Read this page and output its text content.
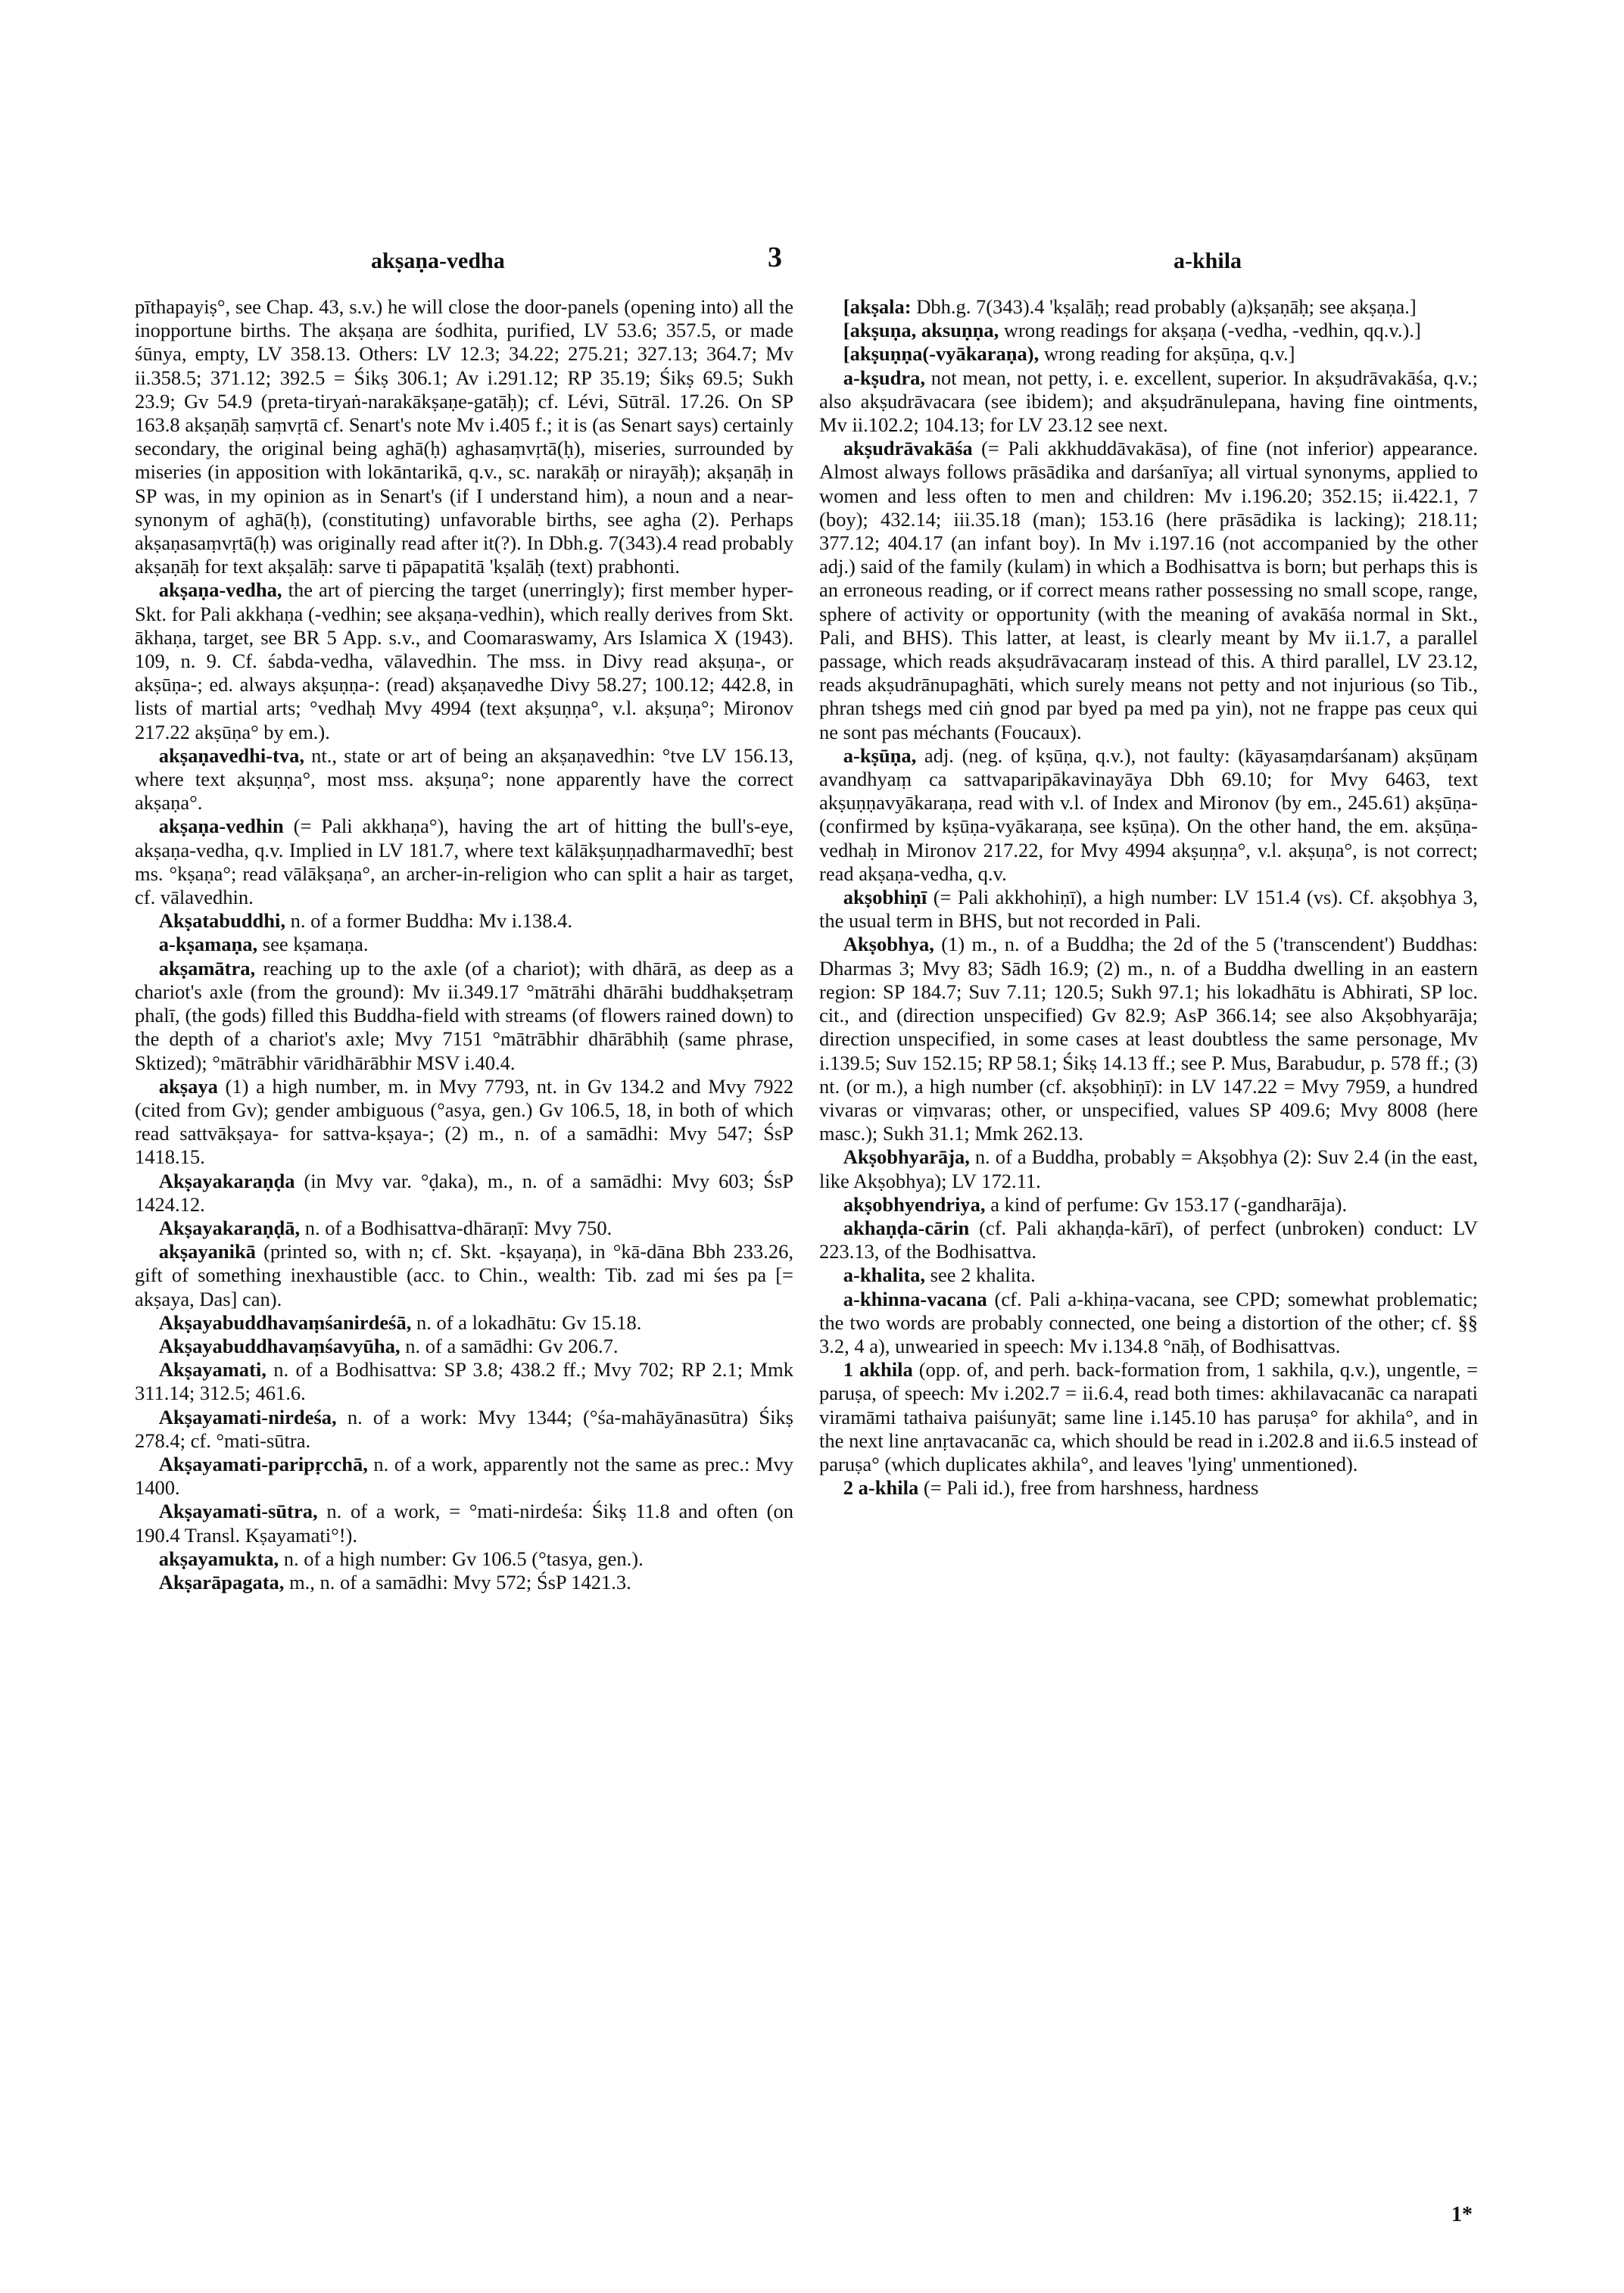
akṣaṇa-vedha	3	a-khila

pīthapayiṣ°, see Chap. 43, s.v.) he will close the door-panels (opening into) all the inopportune births. The akṣaṇa are śodhita, purified, LV 53.6; 357.5, or made śūnya, empty, LV 358.13. Others: LV 12.3; 34.22; 275.21; 327.13; 364.7; Mv ii.358.5; 371.12; 392.5 = Śikṣ 306.1; Av i.291.12; RP 35.19; Śikṣ 69.5; Sukh 23.9; Gv 54.9 (preta-tiryaṅ-narakākṣaṇe-gatāḥ); cf. Lévi, Sūtrāl. 17.26. On SP 163.8 akṣaṇāḥ saṃvṛtā cf. Senart's note Mv i.405 f.; it is (as Senart says) certainly secondary, the original being aghā(ḥ) aghasaṃvṛtā(ḥ), miseries, surrounded by miseries (in apposition with lokāntarikā, q.v., sc. narakāḥ or nirayāḥ); akṣaṇāḥ in SP was, in my opinion as in Senart's (if I understand him), a noun and a near-synonym of aghā(ḥ), (constituting) unfavorable births, see agha (2). Perhaps akṣaṇasaṃvṛtā(ḥ) was originally read after it(?). In Dbh.g. 7(343).4 read probably akṣaṇāḥ for text akṣalāḥ: sarve ti pāpapatitā 'kṣalāḥ (text) prabhonti.

akṣaṇa-vedha, the art of piercing the target (unerringly); first member hyper-Skt. for Pali akkhaṇa (-vedhin; see akṣaṇa-vedhin), which really derives from Skt. ākhaṇa, target, see BR 5 App. s.v., and Coomaraswamy, Ars Islamica X (1943). 109, n. 9. Cf. śabda-vedha, vālavedhin. The mss. in Divy read akṣuṇa-, or akṣūṇa-; ed. always akṣuṇṇa-: (read) akṣaṇavedhe Divy 58.27; 100.12; 442.8, in lists of martial arts; °vedhaḥ Mvy 4994 (text akṣuṇṇa°, v.l. akṣuṇa°; Mironov 217.22 akṣūṇa° by em.).

akṣaṇavedhi-tva, nt., state or art of being an akṣaṇavedhin: °tve LV 156.13, where text akṣuṇṇa°, most mss. akṣuṇa°; none apparently have the correct akṣaṇa°.

akṣaṇa-vedhin (= Pali akkhaṇa°), having the art of hitting the bull's-eye, akṣaṇa-vedha, q.v. Implied in LV 181.7, where text kālākṣuṇṇadharmavedhī; best ms. °kṣaṇa°; read vālākṣaṇa°, an archer-in-religion who can split a hair as target, cf. vālavedhin.

Akṣatabuddhi, n. of a former Buddha: Mv i.138.4.

a-kṣamaṇa, see kṣamaṇa.

akṣamātra, reaching up to the axle (of a chariot); with dhārā, as deep as a chariot's axle (from the ground): Mv ii.349.17 °mātrāhi dhārāhi buddhakṣetraṃ phalī, (the gods) filled this Buddha-field with streams (of flowers rained down) to the depth of a chariot's axle; Mvy 7151 °mātrābhir dhārābhiḥ (same phrase, Sktized); °mātrābhir vāridhārābhir MSV i.40.4.

akṣaya (1) a high number, m. in Mvy 7793, nt. in Gv 134.2 and Mvy 7922 (cited from Gv); gender ambiguous (°asya, gen.) Gv 106.5, 18, in both of which read sattvākṣaya- for sattva-kṣaya-; (2) m., n. of a samādhi: Mvy 547; ŚsP 1418.15.

Akṣayakaraṇḍa (in Mvy var. °ḍaka), m., n. of a samādhi: Mvy 603; ŚsP 1424.12.

Akṣayakaraṇḍā, n. of a Bodhisattva-dhāraṇī: Mvy 750.

akṣayanikā (printed so, with n; cf. Skt. -kṣayaṇa), in °kā-dāna Bbh 233.26, gift of something inexhaustible (acc. to Chin., wealth: Tib. zad mi śes pa [= akṣaya, Das] can).

Akṣayabuddhavaṃśanirdeśā, n. of a lokadhātu: Gv 15.18.

Akṣayabuddhavaṃśavyūha, n. of a samādhi: Gv 206.7.

Akṣayamati, n. of a Bodhisattva: SP 3.8; 438.2 ff.; Mvy 702; RP 2.1; Mmk 311.14; 312.5; 461.6.

Akṣayamati-nirdeśa, n. of a work: Mvy 1344; (°śa-mahāyānasūtra) Śikṣ 278.4; cf. °mati-sūtra.

Akṣayamati-paripṛcchā, n. of a work, apparently not the same as prec.: Mvy 1400.

Akṣayamati-sūtra, n. of a work, = °mati-nirdeśa: Śikṣ 11.8 and often (on 190.4 Transl. Kṣayamati°!).

akṣayamukta, n. of a high number: Gv 106.5 (°tasya, gen.).

Akṣarāpagata, m., n. of a samādhi: Mvy 572; ŚsP 1421.3.

[akṣala: Dbh.g. 7(343).4 'kṣalāḥ; read probably (a)kṣaṇāḥ; see akṣaṇa.]

[akṣuṇa, aksuṇṇa, wrong readings for akṣaṇa (-vedha, -vedhin, qq.v.).]

[akṣuṇṇa(-vyākaraṇa), wrong reading for akṣūṇa, q.v.]

a-kṣudra, not mean, not petty, i. e. excellent, superior. In akṣudrāvakāśa, q.v.; also akṣudrāvacara (see ibidem); and akṣudrānulepana, having fine ointments, Mv ii.102.2; 104.13; for LV 23.12 see next.

akṣudrāvakāśa (= Pali akkhuddāvakāsa), of fine (not inferior) appearance. Almost always follows prāsādika and darśanīya; all virtual synonyms, applied to women and less often to men and children: Mv i.196.20; 352.15; ii.422.1, 7 (boy); 432.14; iii.35.18 (man); 153.16 (here prāsādika is lacking); 218.11; 377.12; 404.17 (an infant boy). In Mv i.197.16 (not accompanied by the other adj.) said of the family (kulam) in which a Bodhisattva is born; but perhaps this is an erroneous reading, or if correct means rather possessing no small scope, range, sphere of activity or opportunity (with the meaning of avakāśa normal in Skt., Pali, and BHS). This latter, at least, is clearly meant by Mv ii.1.7, a parallel passage, which reads akṣudrāvacaraṃ instead of this. A third parallel, LV 23.12, reads akṣudrānupaghāti, which surely means not petty and not injurious (so Tib., phran tshegs med ciṅ gnod par byed pa med pa yin), not ne frappe pas ceux qui ne sont pas méchants (Foucaux).

a-kṣūṇa, adj. (neg. of kṣūṇa, q.v.), not faulty: (kāyasaṃdarśanam) akṣūṇam avandhyaṃ ca sattvaparipākavinayāya Dbh 69.10; for Mvy 6463, text akṣuṇṇavyākaraṇa, read with v.l. of Index and Mironov (by em., 245.61) akṣūṇa- (confirmed by kṣūṇa-vyākaraṇa, see kṣūṇa). On the other hand, the em. akṣūṇa-vedhaḥ in Mironov 217.22, for Mvy 4994 akṣuṇṇa°, v.l. akṣuṇa°, is not correct; read akṣaṇa-vedha, q.v.

akṣobhiṇī (= Pali akkhohiṇī), a high number: LV 151.4 (vs). Cf. akṣobhya 3, the usual term in BHS, but not recorded in Pali.

Akṣobhya, (1) m., n. of a Buddha; the 2d of the 5 ('transcendent') Buddhas: Dharmas 3; Mvy 83; Sādh 16.9; (2) m., n. of a Buddha dwelling in an eastern region: SP 184.7; Suv 7.11; 120.5; Sukh 97.1; his lokadhātu is Abhirati, SP loc. cit., and (direction unspecified) Gv 82.9; AsP 366.14; see also Akṣobhyarāja; direction unspecified, in some cases at least doubtless the same personage, Mv i.139.5; Suv 152.15; RP 58.1; Śikṣ 14.13 ff.; see P. Mus, Barabudur, p. 578 ff.; (3) nt. (or m.), a high number (cf. akṣobhiṇī): in LV 147.22 = Mvy 7959, a hundred vivaras or viṃvaras; other, or unspecified, values SP 409.6; Mvy 8008 (here masc.); Sukh 31.1; Mmk 262.13.

Akṣobhyarāja, n. of a Buddha, probably = Akṣobhya (2): Suv 2.4 (in the east, like Akṣobhya); LV 172.11.

akṣobhyendriya, a kind of perfume: Gv 153.17 (-gandharāja).

akhaṇḍa-cārin (cf. Pali akhaṇḍa-kārī), of perfect (unbroken) conduct: LV 223.13, of the Bodhisattva.

a-khalita, see 2 khalita.

a-khinna-vacana (cf. Pali a-khiṇa-vacana, see CPD; somewhat problematic; the two words are probably connected, one being a distortion of the other; cf. §§ 3.2, 4 a), unwearied in speech: Mv i.134.8 °nāḥ, of Bodhisattvas.

1 akhila (opp. of, and perh. back-formation from, 1 sakhila, q.v.), ungentle, = paruṣa, of speech: Mv i.202.7 = ii.6.4, read both times: akhilavacanāc ca narapati viramāmi tathaiva paiśunyāt; same line i.145.10 has paruṣa° for akhila°, and in the next line anṛtavacanāc ca, which should be read in i.202.8 and ii.6.5 instead of paruṣa° (which duplicates akhila°, and leaves 'lying' unmentioned).

2 a-khila (= Pali id.), free from harshness, hardness

1*
